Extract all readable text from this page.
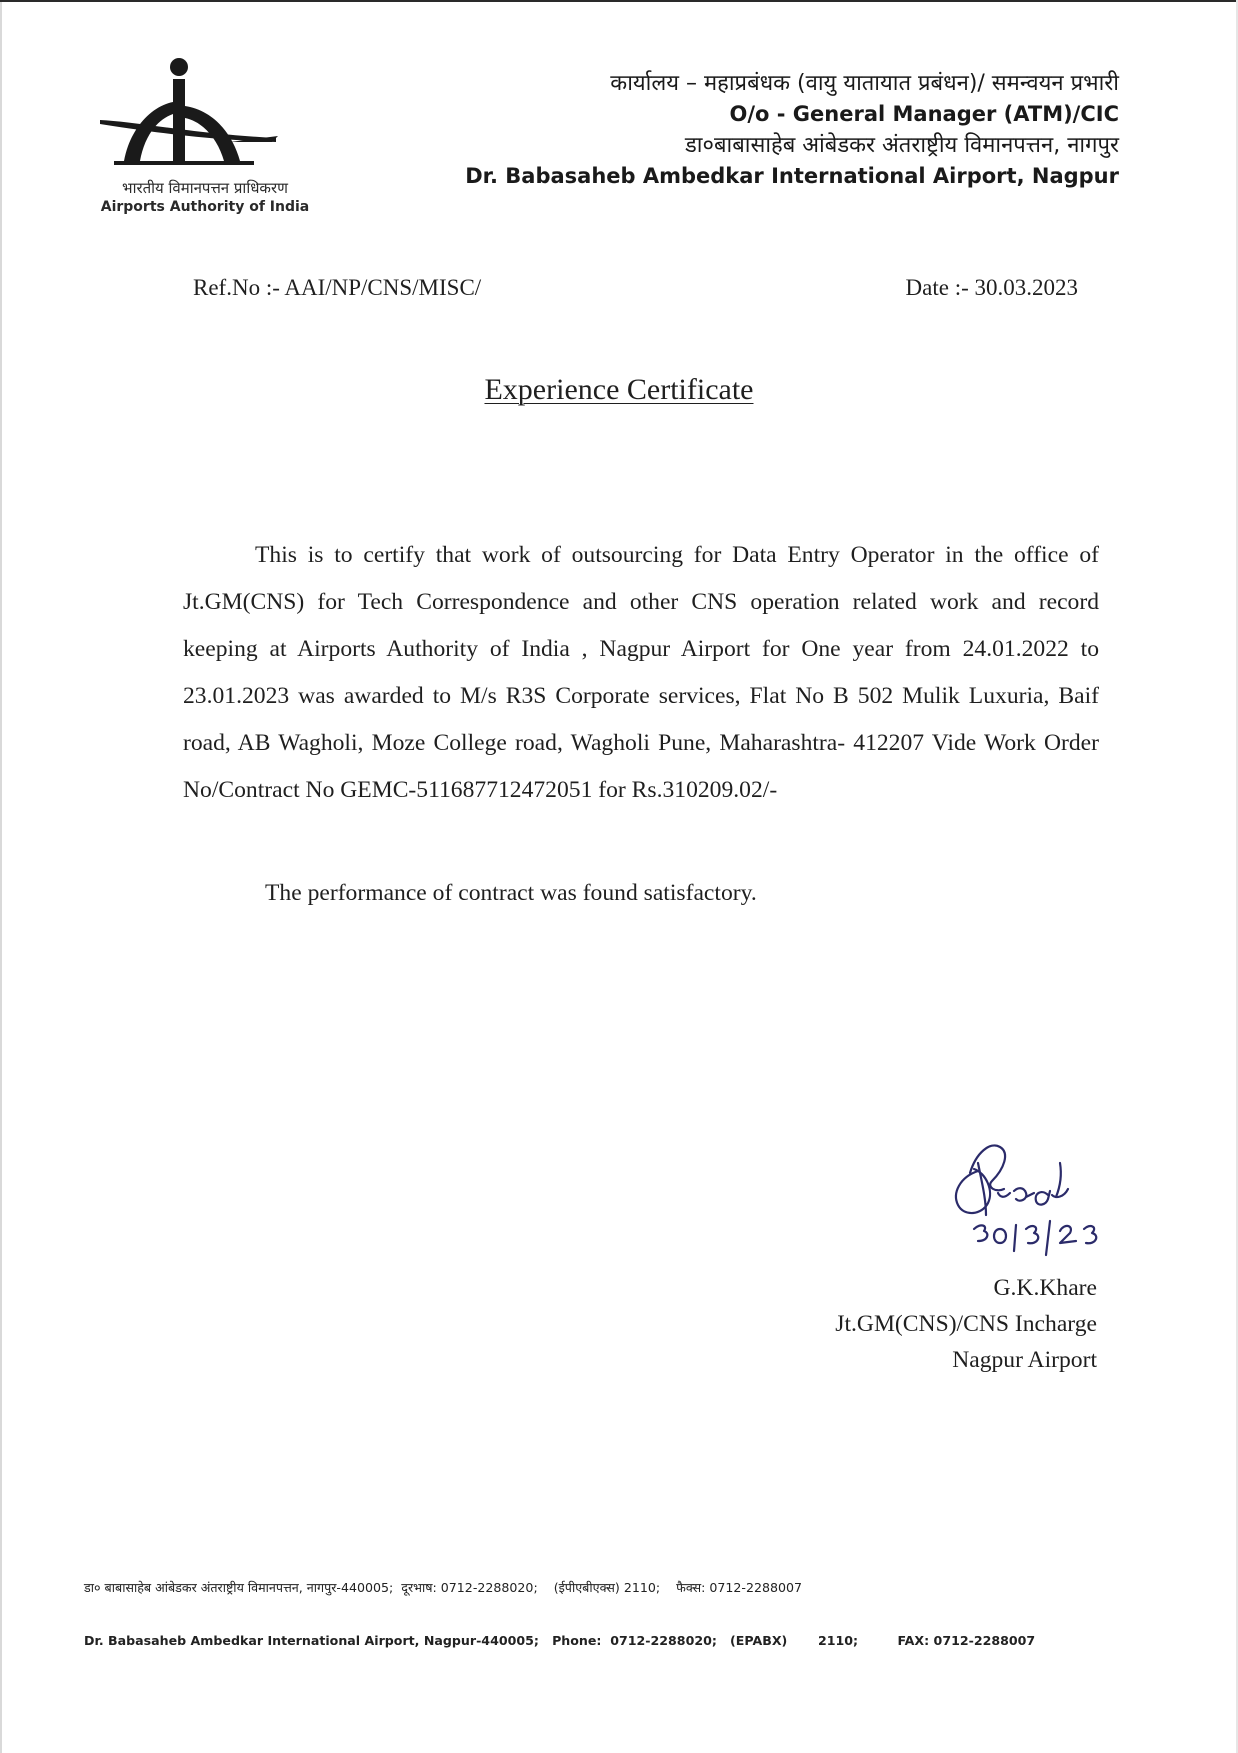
भारतीय विमानपत्तन प्राधिकरण
Airports Authority of India
कार्यालय – महाप्रबंधक (वायु यातायात प्रबंधन)/ समन्वयन प्रभारी
O/o - General Manager (ATM)/CIC
डा०बाबासाहेब आंबेडकर अंतराष्ट्रीय विमानपत्तन, नागपुर
Dr. Babasaheb Ambedkar International Airport, Nagpur
Ref.No :- AAI/NP/CNS/MISC/	Date :- 30.03.2023
Experience Certificate

This is to certify that work of outsourcing for Data Entry Operator in the office of Jt.GM(CNS) for Tech Correspondence and other CNS operation related work and record keeping at Airports Authority of India , Nagpur Airport for One year from 24.01.2022 to 23.01.2023 was awarded to M/s R3S Corporate services, Flat No B 502 Mulik Luxuria, Baif road, AB Wagholi, Moze College road, Wagholi Pune, Maharashtra- 412207 Vide Work Order No/Contract No GEMC-511687712472051 for Rs.310209.02/-

The performance of contract was found satisfactory.

G.K.Khare
Jt.GM(CNS)/CNS Incharge
Nagpur Airport

डा० बाबासाहेब आंबेडकर अंतराष्ट्रीय विमानपत्तन, नागपुर-440005;  दूरभाष: 0712-2288020;    (ईपीएबीएक्स) 2110;    फैक्स: 0712-2288007

Dr. Babasaheb Ambedkar International Airport, Nagpur-440005;   Phone:  0712-2288020;   (EPABX)       2110;         FAX: 0712-2288007
